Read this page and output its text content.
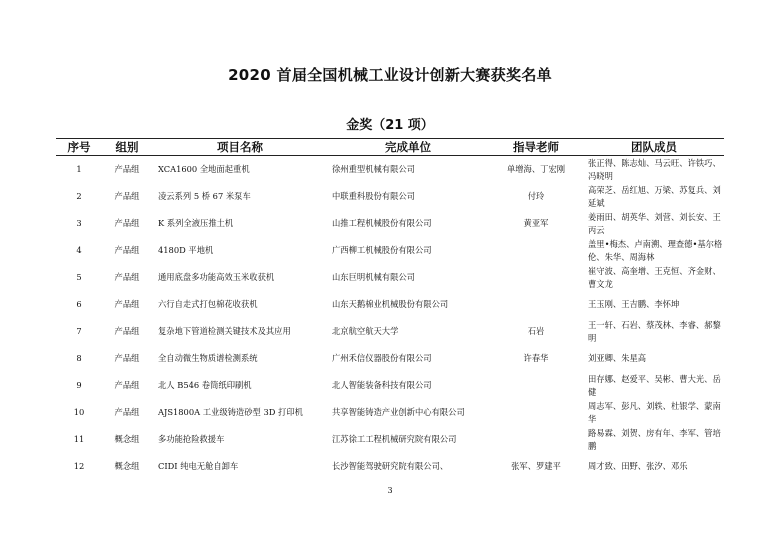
2020 首届全国机械工业设计创新大赛获奖名单
金奖（21 项）
序号	组别	项目名称	完成单位	指导老师	团队成员
1	产品组	XCA1600 全地面起重机	徐州重型机械有限公司	单增海、丁宏刚	张正得、陈志灿、马云旺、许铁巧、冯晓明
2	产品组	凌云系列 5 桥 67 米泵车	中联重科股份有限公司	付玲	高荣芝、岳红旭、万梁、苏复兵、刘延斌
3	产品组	K 系列全液压推土机	山推工程机械股份有限公司	黄亚军	姜雨田、胡英华、刘营、刘长安、王丙云
4	产品组	4180D 平地机	广西柳工机械股份有限公司		盖里•梅杰、卢南溯、理查德•基尔格伦、朱华、周海林
5	产品组	通用底盘多功能高效玉米收获机	山东巨明机械有限公司		崔守波、高奎增、王克恒、齐金财、曹文龙
6	产品组	六行自走式打包棉花收获机	山东天鹅棉业机械股份有限公司		王玉刚、王吉鹏、李怀坤
7	产品组	复杂地下管道检测关键技术及其应用	北京航空航天大学	石岩	王一轩、石岩、蔡茂林、李睿、郝黎明
8	产品组	全自动微生物质谱检测系统	广州禾信仪器股份有限公司	许春华	刘亚卿、朱星高
9	产品组	北人 B546 卷筒纸印刷机	北人智能装备科技有限公司		田存娜、赵爱平、吴彬、曹大光、岳健
10	产品组	AJS1800A 工业级铸造砂型 3D 打印机	共享智能铸造产业创新中心有限公司		周志军、彭凡、刘轶、杜银学、蒙南华
11	概念组	多功能抢险救援车	江苏徐工工程机械研究院有限公司		路易霖、刘贺、房有年、李军、管培鹏
12	概念组	CIDI 纯电无舱自卸车	长沙智能驾驶研究院有限公司、	张军、罗建平	周才致、田野、张汐、邓乐
3
